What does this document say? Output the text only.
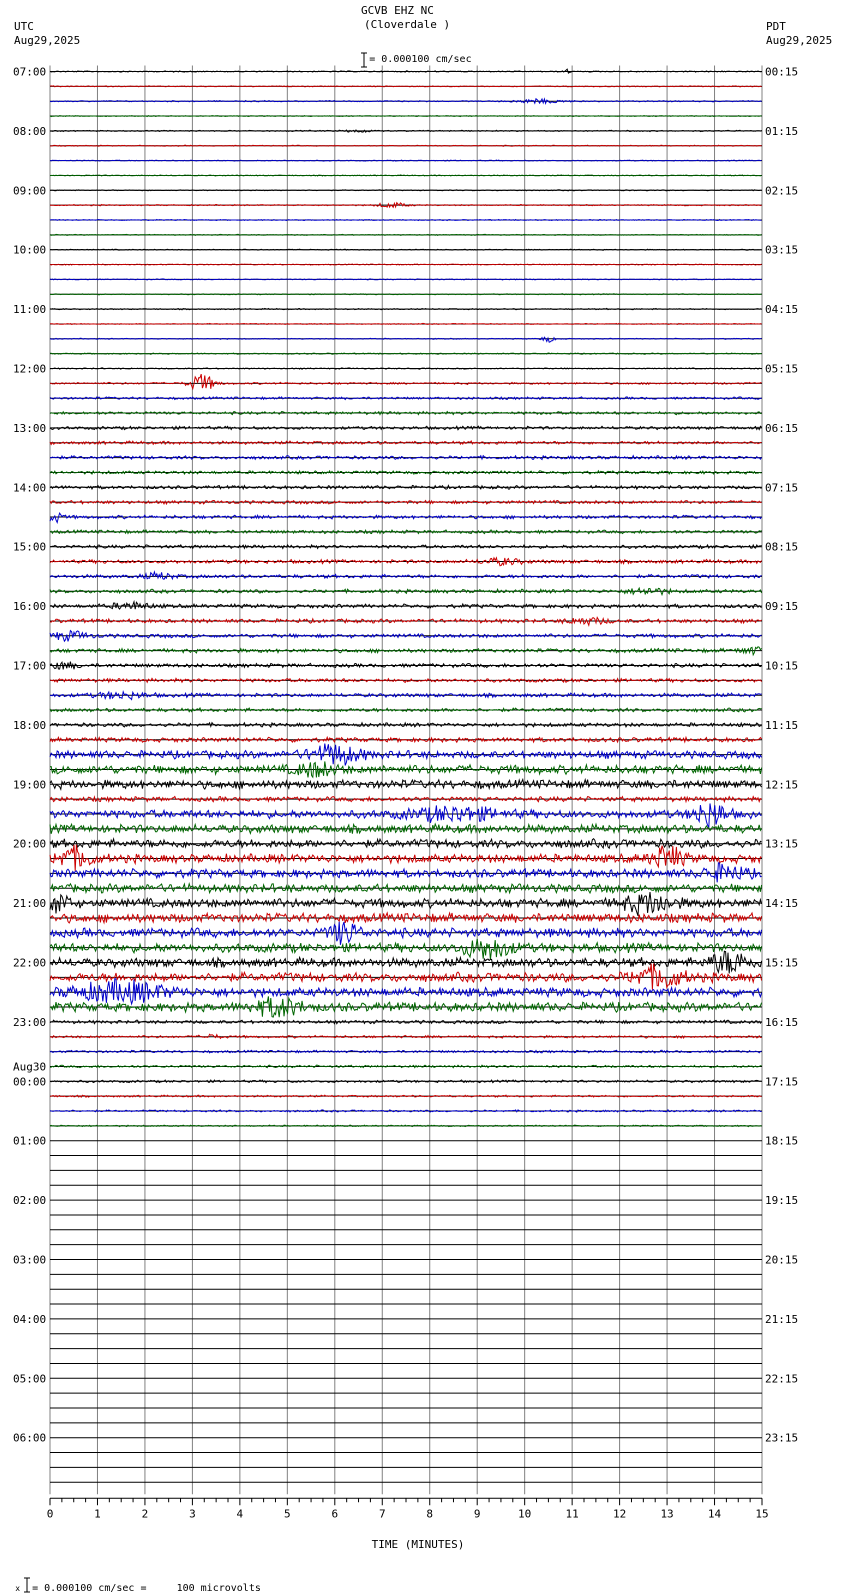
GCVB EHZ NC
(Cloverdale )

= 0.000100 cm/sec

UTC
Aug29,2025
PDT
Aug29,2025
07:00
08:00
09:00
10:00
11:00
12:00
13:00
14:00
15:00
16:00
17:00
18:00
19:00
20:00
21:00
22:00
23:00
Aug30
00:00
01:00
02:00
03:00
04:00
05:00
06:00
00:15
01:15
02:15
03:15
04:15
05:15
06:15
07:15
08:15
09:15
10:15
11:15
12:15
13:15
14:15
15:15
16:15
17:15
18:15
19:15
20:15
21:15
22:15
23:15
0	1	2	3	4	5	6	7	8	9	10	11	12	13	14	15
TIME (MINUTES)

x = 0.000100 cm/sec =     100 microvolts
